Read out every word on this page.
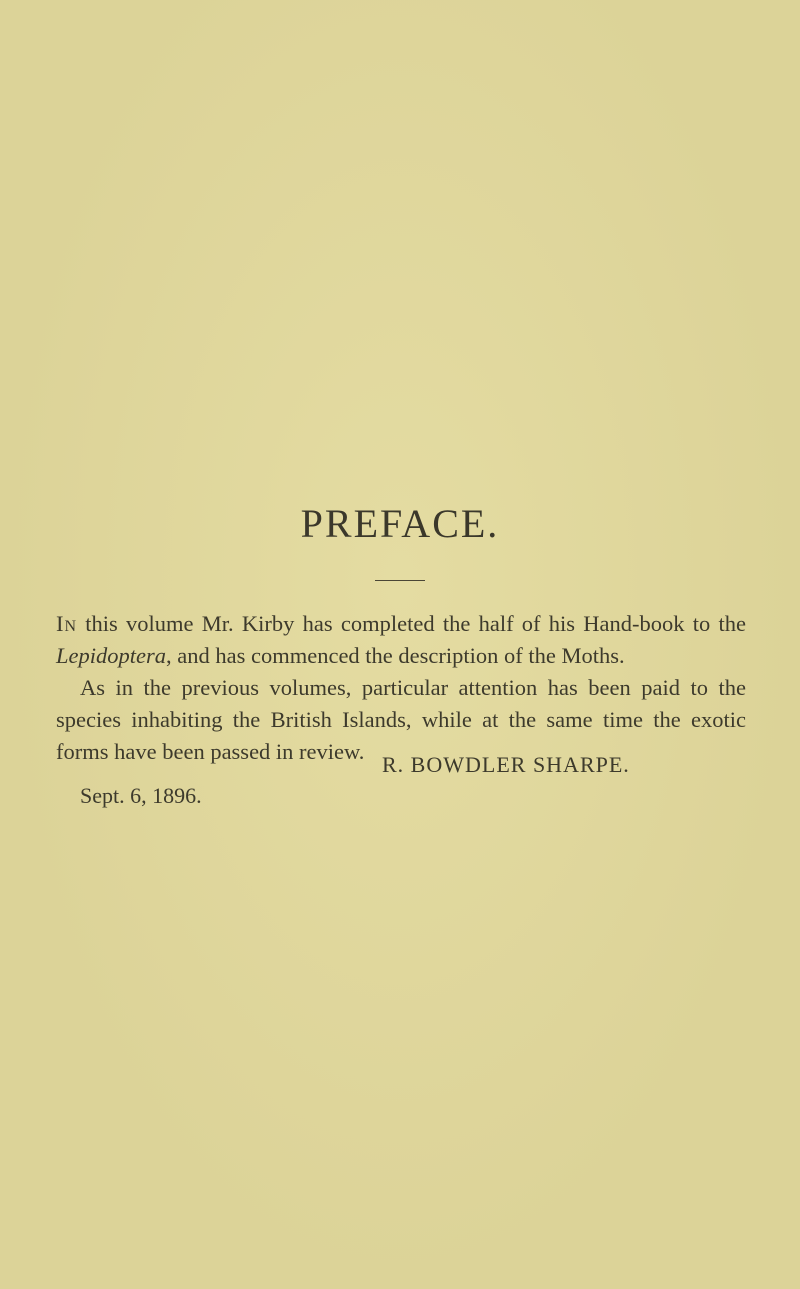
PREFACE.

In this volume Mr. Kirby has completed the half of his Hand-book to the Lepidoptera, and has commenced the description of the Moths.

As in the previous volumes, particular attention has been paid to the species inhabiting the British Islands, while at the same time the exotic forms have been passed in review.

R. BOWDLER SHARPE.

Sept. 6, 1896.
